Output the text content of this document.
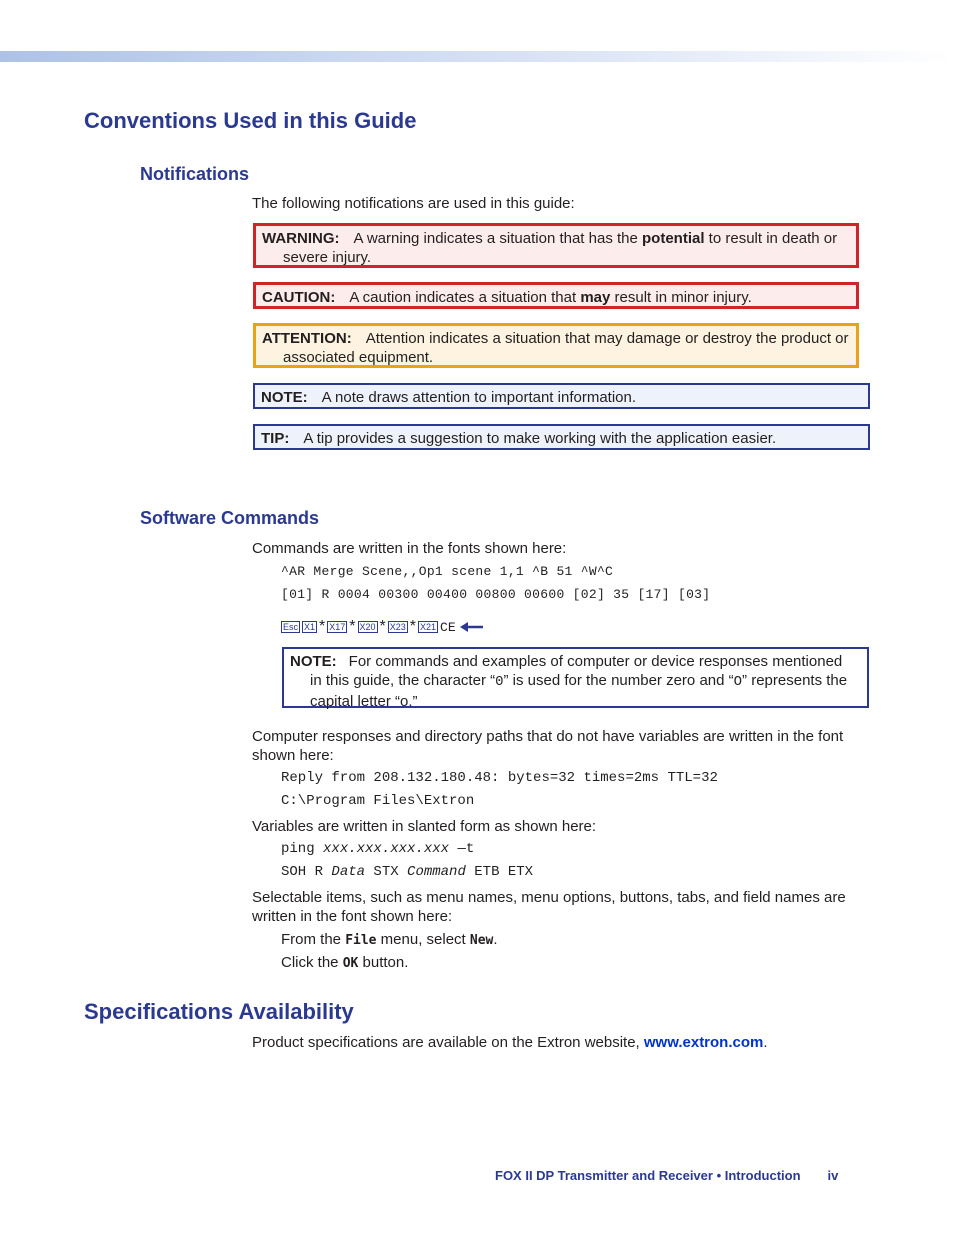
Conventions Used in this Guide
Notifications

The following notifications are used in this guide:

WARNING: A warning indicates a situation that has the potential to result in death or
severe injury.
CAUTION: A caution indicates a situation that may result in minor injury.
ATTENTION: Attention indicates a situation that may damage or destroy the product or
associated equipment.
NOTE: A note draws attention to important information.
TIP: A tip provides a suggestion to make working with the application easier.
Software Commands

Commands are written in the fonts shown here:

^AR Merge Scene,,Op1 scene 1,1 ^B 51 ^W^C

[01] R 0004 00300 00400 00800 00600 [02] 35 [17] [03]

Esc X1 * X17 * X20 * X23 * X21 CE
NOTE: For commands and examples of computer or device responses mentioned
in this guide, the character “0” is used for the number zero and “O” represents the
capital letter “o.”

Computer responses and directory paths that do not have variables are written in the font shown here:

Reply from 208.132.180.48: bytes=32 times=2ms TTL=32

C:\Program Files\Extron

Variables are written in slanted form as shown here:

ping xxx.xxx.xxx.xxx —t

SOH R Data STX Command ETB ETX

Selectable items, such as menu names, menu options, buttons, tabs, and field names are written in the font shown here:

From the File menu, select New.

Click the OK button.

Specifications Availability

Product specifications are available on the Extron website, www.extron.com.

FOX II DP Transmitter and Receiver • Introduction iv
